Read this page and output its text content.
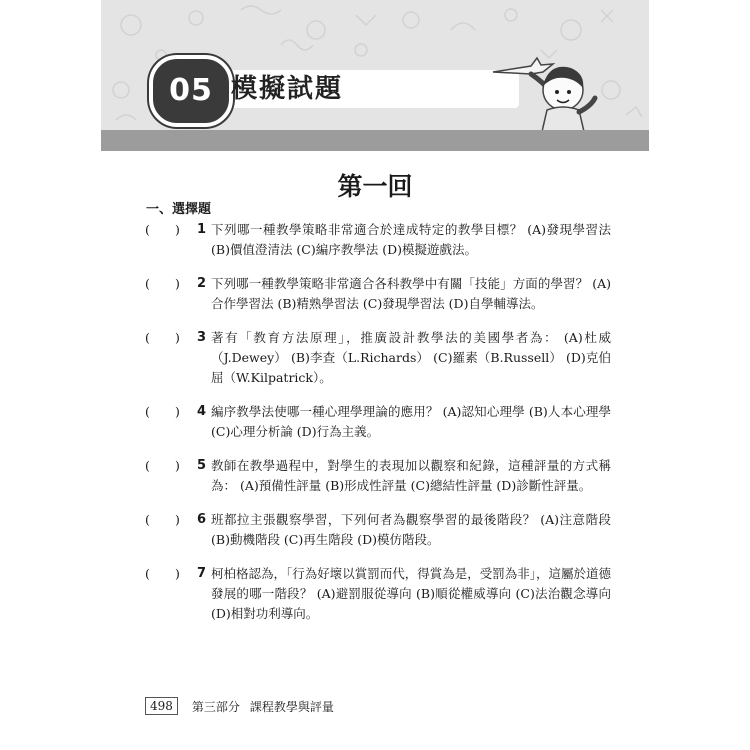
05 模擬試題
第一回
一、選擇題
( ) 1 下列哪一種教學策略非常適合於達成特定的教學目標？ (A)發現學習法 (B)價值澄清法 (C)編序教學法 (D)模擬遊戲法。
( ) 2 下列哪一種教學策略非常適合各科教學中有關「技能」方面的學習？ (A)合作學習法 (B)精熟學習法 (C)發現學習法 (D)自學輔導法。
( ) 3 著有「教育方法原理」，推廣設計教學法的美國學者為： (A)杜威（J.Dewey） (B)李查（L.Richards） (C)羅素（B.Russell） (D)克伯屈（W.Kilpatrick）。
( ) 4 編序教學法使哪一種心理學理論的應用？ (A)認知心理學 (B)人本心理學 (C)心理分析論 (D)行為主義。
( ) 5 教師在教學過程中，對學生的表現加以觀察和紀錄，這種評量的方式稱為： (A)預備性評量 (B)形成性評量 (C)總結性評量 (D)診斷性評量。
( ) 6 班都拉主張觀察學習，下列何者為觀察學習的最後階段？ (A)注意階段 (B)動機階段 (C)再生階段 (D)模仿階段。
( ) 7 柯柏格認為，「行為好壞以賞罰而代，得賞為是，受罰為非」，這屬於道德發展的哪一階段？ (A)避罰服從導向 (B)順從權威導向 (C)法治觀念導向 (D)相對功利導向。
498	第三部分 課程教學與評量
